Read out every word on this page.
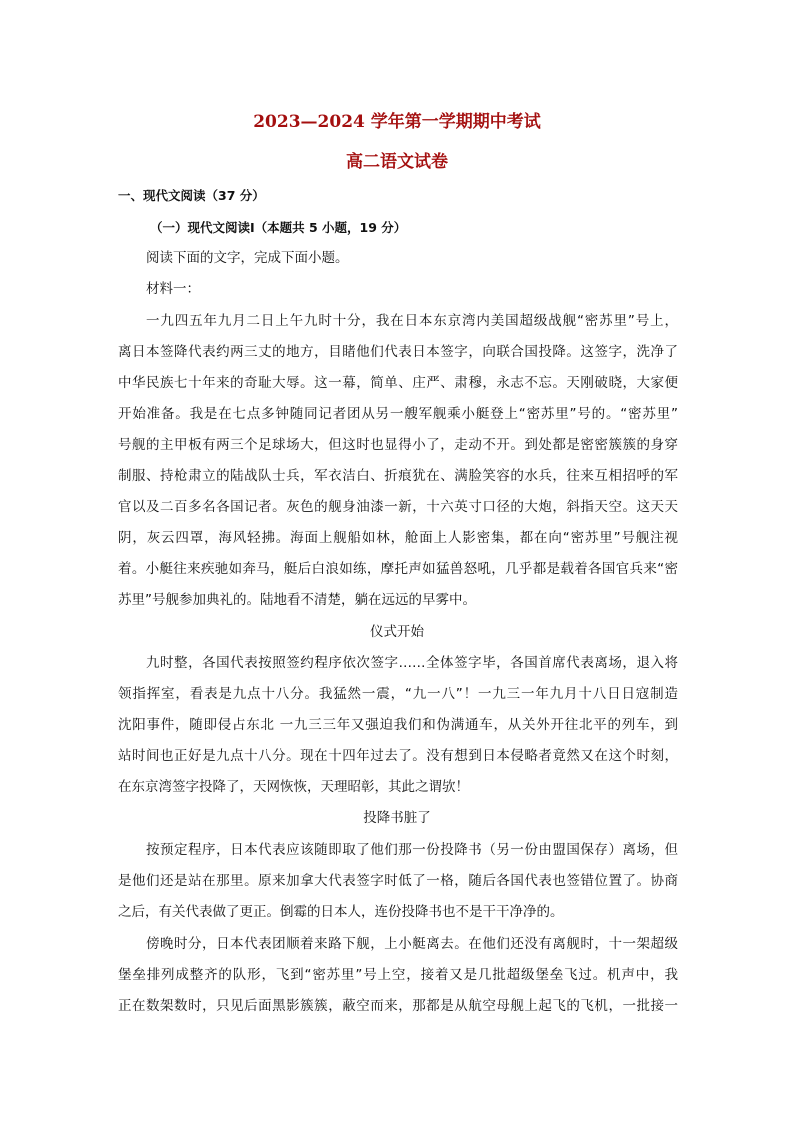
2023—2024 学年第一学期期中考试
高二语文试卷

一、现代文阅读（37 分）

（一）现代文阅读Ⅰ（本题共 5 小题，19 分）

阅读下面的文字，完成下面小题。

材料一：

一九四五年九月二日上午九时十分，我在日本东京湾内美国超级战舰“密苏里”号上，

离日本签降代表约两三丈的地方，目睹他们代表日本签字，向联合国投降。这签字，洗净了

中华民族七十年来的奇耻大辱。这一幕，简单、庄严、肃穆，永志不忘。天刚破晓，大家便

开始准备。我是在七点多钟随同记者团从另一艘军舰乘小艇登上“密苏里”号的。“密苏里”

号舰的主甲板有两三个足球场大，但这时也显得小了，走动不开。到处都是密密簇簇的身穿

制服、持枪肃立的陆战队士兵，军衣洁白、折痕犹在、满脸笑容的水兵，往来互相招呼的军

官以及二百多名各国记者。灰色的舰身油漆一新，十六英寸口径的大炮，斜指天空。这天天

阴，灰云四罩，海风轻拂。海面上舰船如林，舱面上人影密集，都在向“密苏里”号舰注视

着。小艇往来疾驰如奔马，艇后白浪如练，摩托声如猛兽怒吼，几乎都是载着各国官兵来“密

苏里”号舰参加典礼的。陆地看不清楚，躺在远远的早雾中。

仪式开始

九时整，各国代表按照签约程序依次签字……全体签字毕，各国首席代表离场，退入将

领指挥室，看表是九点十八分。我猛然一震，“九一八”！一九三一年九月十八日日寇制造

沈阳事件，随即侵占东北 一九三三年又强迫我们和伪满通车，从关外开往北平的列车，到

站时间也正好是九点十八分。现在十四年过去了。没有想到日本侵略者竟然又在这个时刻，

在东京湾签字投降了，天网恢恢，天理昭彰，其此之谓欤！

投降书脏了

按预定程序，日本代表应该随即取了他们那一份投降书（另一份由盟国保存）离场，但

是他们还是站在那里。原来加拿大代表签字时低了一格，随后各国代表也签错位置了。协商

之后，有关代表做了更正。倒霉的日本人，连份投降书也不是干干净净的。

傍晚时分，日本代表团顺着来路下舰，上小艇离去。在他们还没有离舰时，十一架超级

堡垒排列成整齐的队形，飞到“密苏里”号上空，接着又是几批超级堡垒飞过。机声中，我

正在数架数时，只见后面黑影簇簇，蔽空而来，那都是从航空母舰上起飞的飞机，一批接一
